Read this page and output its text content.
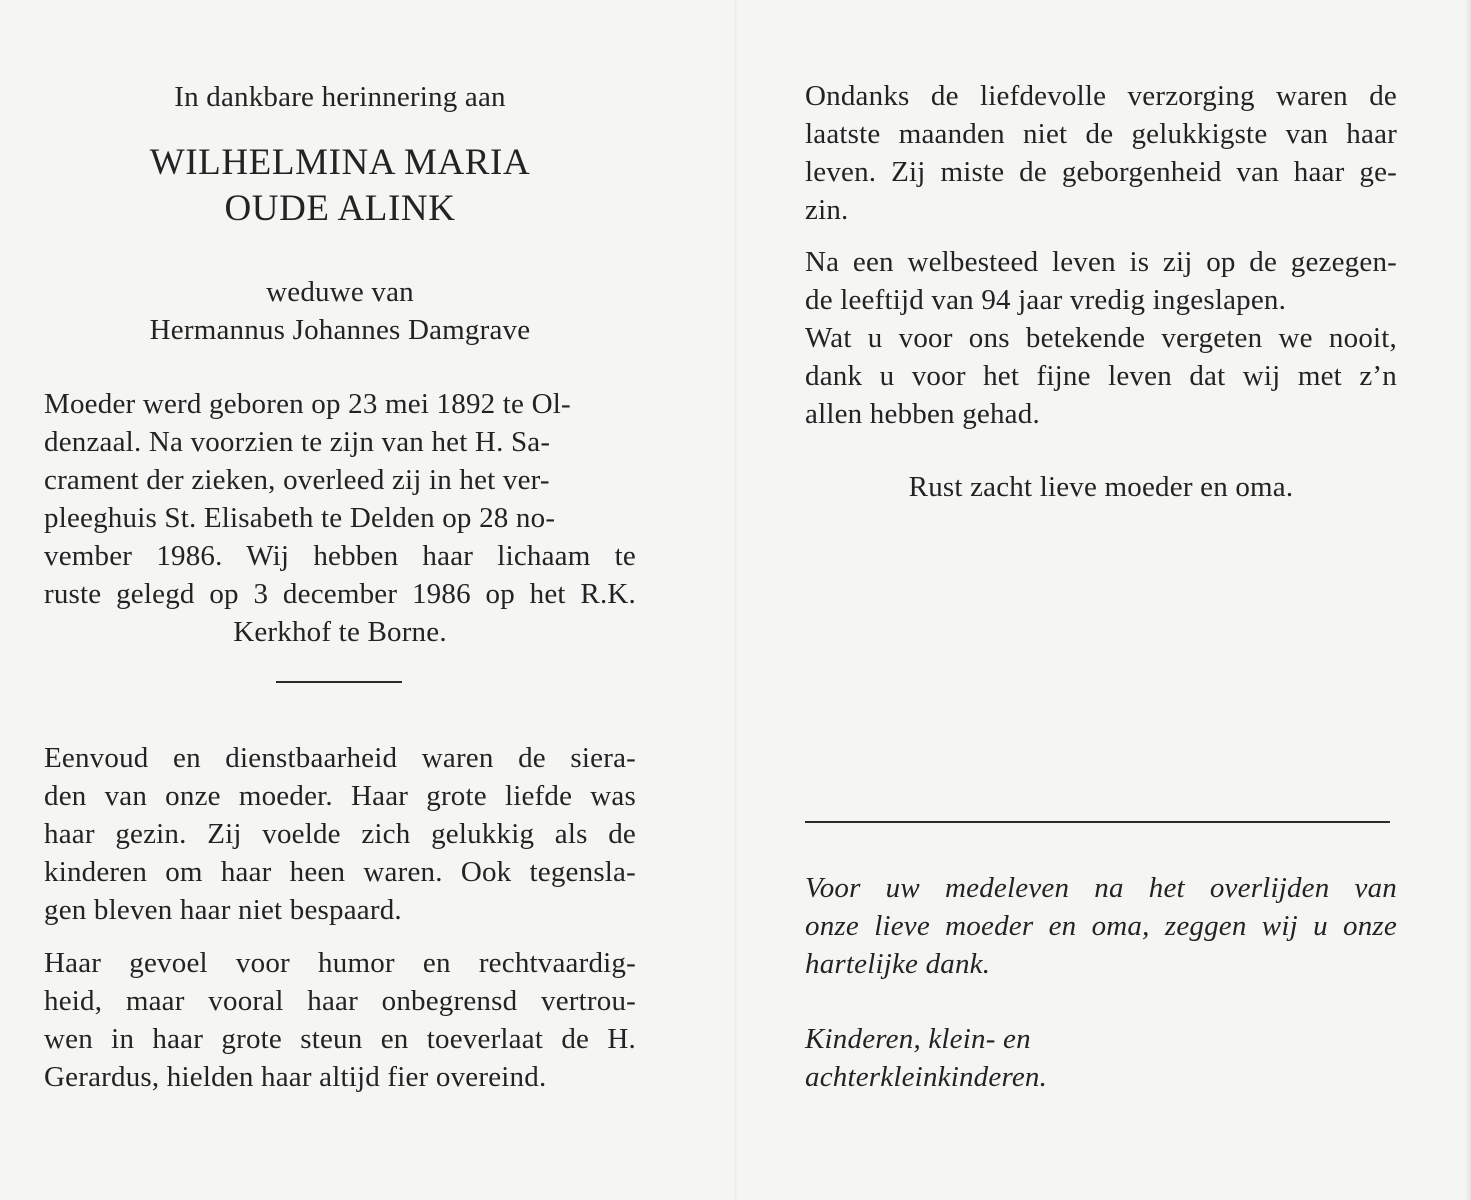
In dankbare herinnering aan

WILHELMINA MARIA
OUDE ALINK
weduwe van
Hermannus Johannes Damgrave

Moeder werd geboren op 23 mei 1892 te Ol-

denzaal. Na voorzien te zijn van het H. Sa-

crament der zieken, overleed zij in het ver-

pleeghuis St. Elisabeth te Delden op 28 no-

vember 1986. Wij hebben haar lichaam te

ruste gelegd op 3 december 1986 op het R.K.

Kerkhof te Borne.

Eenvoud en dienstbaarheid waren de siera-

den van onze moeder. Haar grote liefde was

haar gezin. Zij voelde zich gelukkig als de

kinderen om haar heen waren. Ook tegensla-

gen bleven haar niet bespaard.

Haar gevoel voor humor en rechtvaardig-

heid, maar vooral haar onbegrensd vertrou-

wen in haar grote steun en toeverlaat de H.

Gerardus, hielden haar altijd fier overeind.

Ondanks de liefdevolle verzorging waren de

laatste maanden niet de gelukkigste van haar

leven. Zij miste de geborgenheid van haar ge-

zin.

Na een welbesteed leven is zij op de gezegen-

de leeftijd van 94 jaar vredig ingeslapen.

Wat u voor ons betekende vergeten we nooit,

dank u voor het fijne leven dat wij met z’n

allen hebben gehad.

Rust zacht lieve moeder en oma.

Voor uw medeleven na het overlijden van

onze lieve moeder en oma, zeggen wij u onze

hartelijke dank.

Kinderen, klein- en

achterkleinkinderen.
